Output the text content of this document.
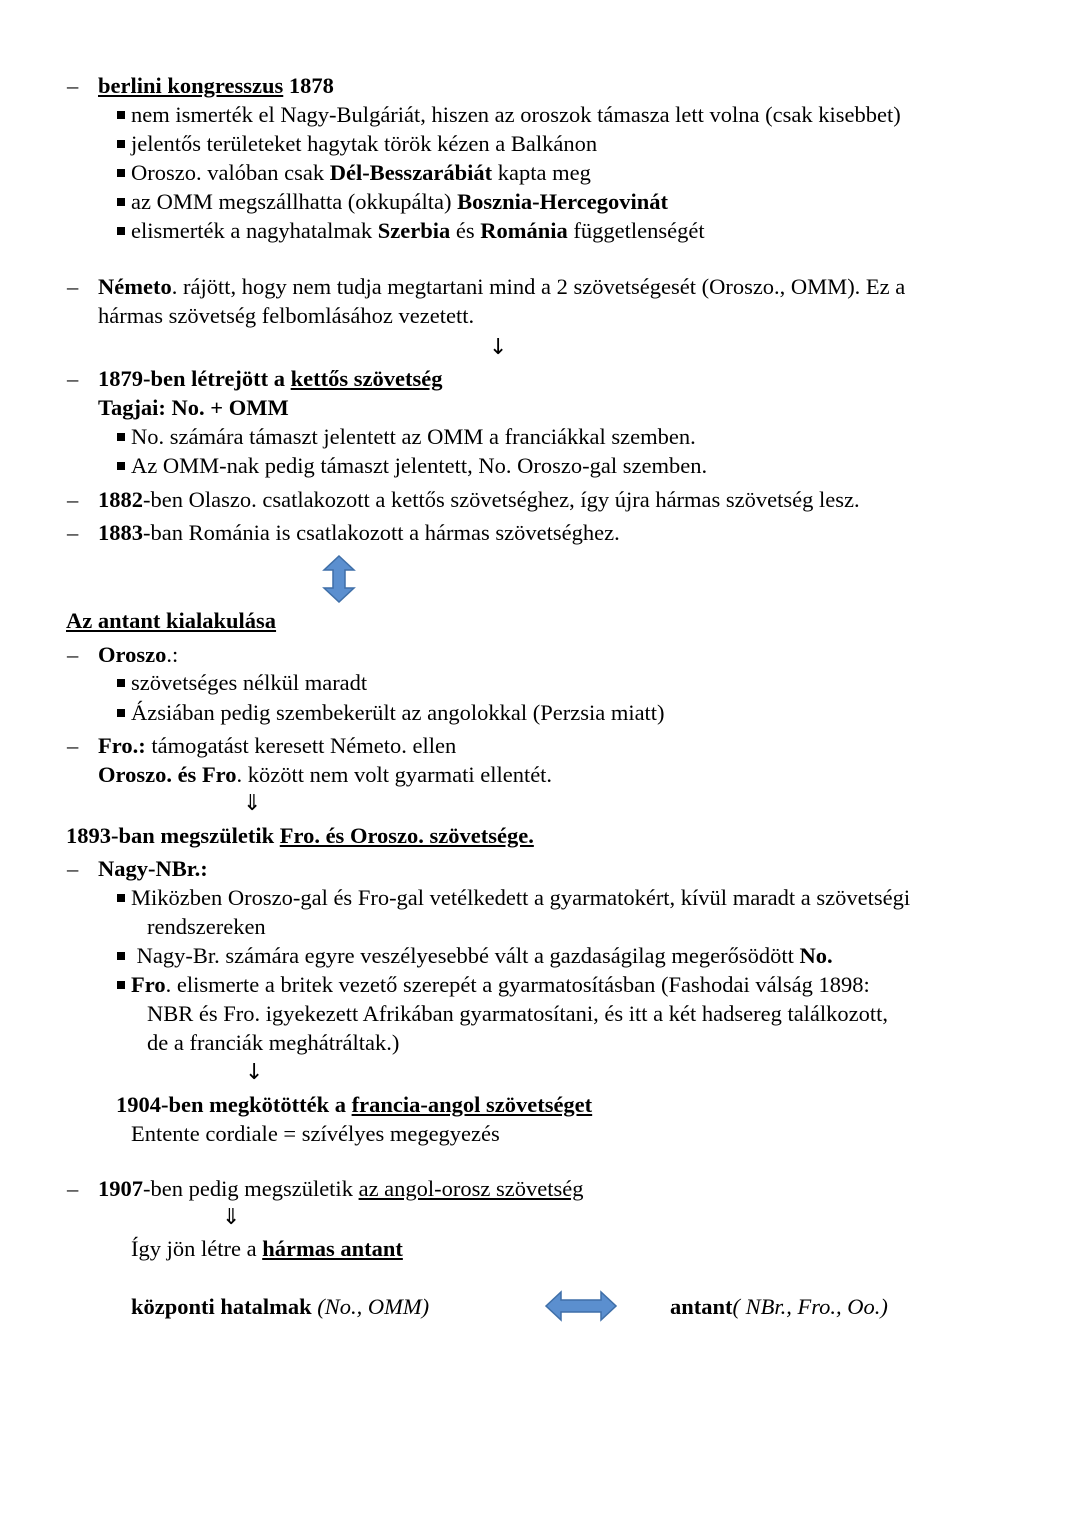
– berlini kongresszus 1878
nem ismerték el Nagy-Bulgáriát, hiszen az oroszok támasza lett volna (csak kisebbet)
jelentős területeket hagytak török kézen a Balkánon
Oroszo. valóban csak Dél-Besszarábiát kapta meg
az OMM megszállhatta (okkupálta) Bosznia-Hercegovinát
elismerték a nagyhatalmak Szerbia és Románia függetlenségét
– Németo. rájött, hogy nem tudja megtartani mind a 2 szövetségesét (Oroszo., OMM). Ez a
hármas szövetség felbomlásához vezetett.
↓
– 1879-ben létrejött a kettős szövetség
Tagjai: No. + OMM
No. számára támaszt jelentett az OMM a franciákkal szemben.
Az OMM-nak pedig támaszt jelentett, No. Oroszo-gal szemben.
– 1882-ben Olaszo. csatlakozott a kettős szövetséghez, így újra hármas szövetség lesz.
– 1883-ban Románia is csatlakozott a hármas szövetséghez.
Az antant kialakulása
– Oroszo.:
szövetséges nélkül maradt
Ázsiában pedig szembekerült az angolokkal (Perzsia miatt)
– Fro.: támogatást keresett Németo. ellen
Oroszo. és Fro. között nem volt gyarmati ellentét.
⇓
1893-ban megszületik Fro. és Oroszo. szövetsége.
– Nagy-NBr.:
Miközben Oroszo-gal és Fro-gal vetélkedett a gyarmatokért, kívül maradt a szövetségi
rendszereken
Nagy-Br. számára egyre veszélyesebbé vált a gazdaságilag megerősödött No.
Fro. elismerte a britek vezető szerepét a gyarmatosításban (Fashodai válság 1898:
NBR és Fro. igyekezett Afrikában gyarmatosítani, és itt a két hadsereg találkozott,
de a franciák meghátráltak.)
↓
1904-ben megkötötték a francia-angol szövetséget
Entente cordiale = szívélyes megegyezés
– 1907-ben pedig megszületik az angol-orosz szövetség
⇓
Így jön létre a hármas antant
központi hatalmak (No., OMM)	antant( NBr., Fro., Oo.)
